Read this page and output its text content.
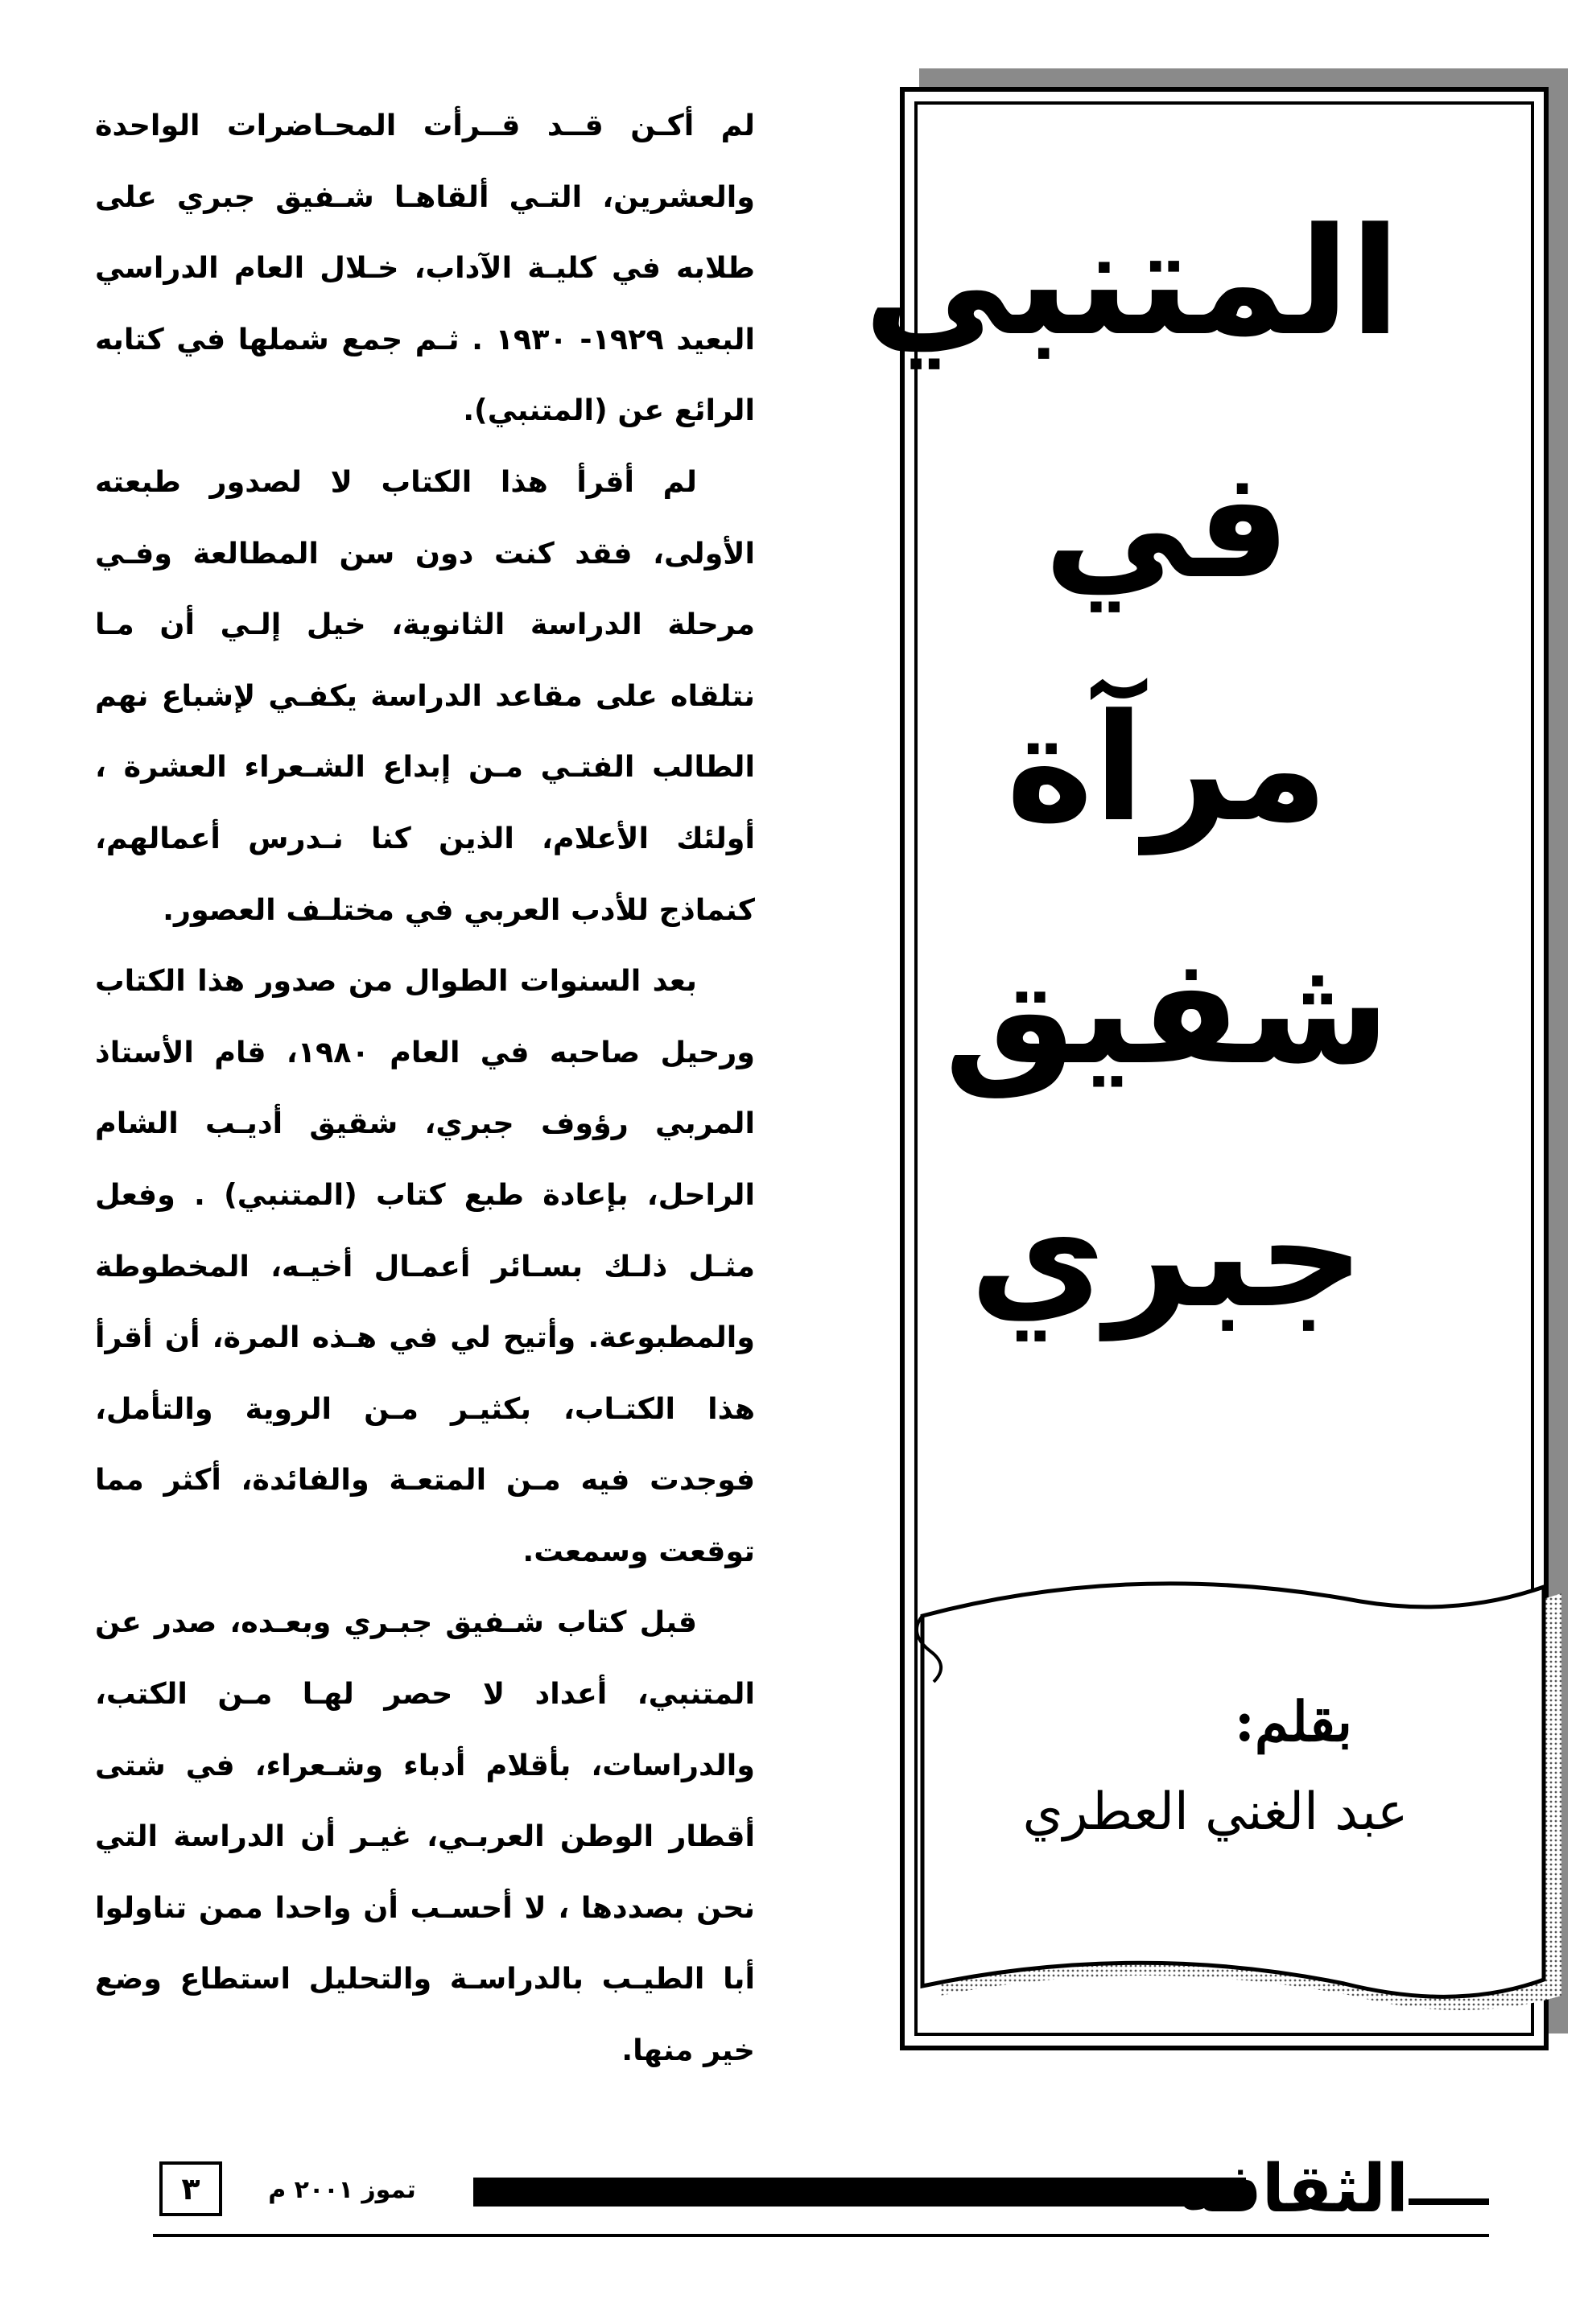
لم أكـن قــد قــرأت المحـاضرات الواحدة والعشرين، التـي ألقاهـا شـفيق جبري على طلابه في كليـة الآداب، خـلال العام الدراسي البعيد ١٩٢٩- ١٩٣٠ . ثـم جمع شملها في كتابه الرائع عن (المتنبي).

لم أقرأ هذا الكتاب لا لصدور طبعته الأولى، فقد كنت دون سن المطالعة وفـي مرحلة الدراسة الثانوية، خيل إلـي أن مـا نتلقاه على مقاعد الدراسة يكفـي لإشباع نهم الطالب الفتـي مـن إبداع الشـعراء العشرة ، أولئك الأعلام، الذين كنا نـدرس أعمالهم، كنماذج للأدب العربي في مختلـف العصور.

بعد السنوات الطوال من صدور هذا الكتاب ورحيل صاحبه في العام ١٩٨٠، قام الأستاذ المربي رؤوف جبري، شقيق أديـب الشام الراحل، بإعادة طبع كتاب (المتنبي) . وفعل مثـل ذلـك بسـائر أعمـال أخيـه، المخطوطة والمطبوعة. وأتيح لي في هـذه المرة، أن أقرأ هذا الكتـاب، بكثيـر مـن الروية والتأمل، فوجدت فيه مـن المتعـة والفائدة، أكثر مما توقعت وسمعت.

قبل كتاب شـفيق جبـري وبعـده، صدر عن المتنبي، أعداد لا حصر لهـا مـن الكتب، والدراسات، بأقلام أدباء وشـعراء، في شتى أقطار الوطن العربـي، غيـر أن الدراسة التي نحن بصددها ، لا أحسـب أن واحدا ممن تناولوا أبا الطيـب بالدراسـة والتحليل استطاع وضع خير منها.

المتنبي
في
مرآة
شفيق
جبري
بقلم:
عبد الغني العطري
الثقافة
تموز ٢٠٠١ م
٣
